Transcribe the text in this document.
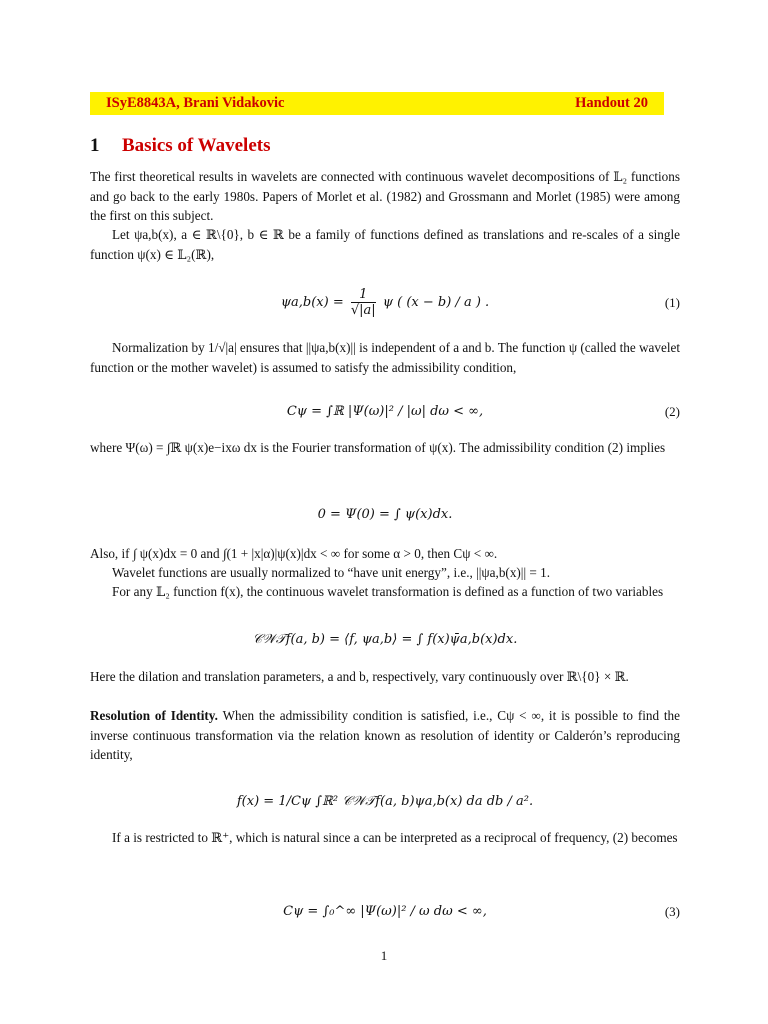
ISyE8843A, Brani Vidakovic	Handout 20
1 Basics of Wavelets
The first theoretical results in wavelets are connected with continuous wavelet decompositions of 𝕃₂ functions and go back to the early 1980s. Papers of Morlet et al. (1982) and Grossmann and Morlet (1985) were among the first on this subject.
Let ψa,b(x), a ∈ ℝ\{0}, b ∈ ℝ be a family of functions defined as translations and re-scales of a single function ψ(x) ∈ 𝕃₂(ℝ),
$\psi a,b(x) = \frac{1}{√|a|}$ ψ ( (x − b) / a ) .	(1)
Normalization by 1/√|a| ensures that ||ψa,b(x)|| is independent of a and b. The function ψ (called the wavelet function or the mother wavelet) is assumed to satisfy the admissibility condition,
Cψ = ∫ℝ |Ψ(ω)|² / |ω| dω < ∞,	(2)
where Ψ(ω) = ∫ℝ ψ(x)e−ixω dx is the Fourier transformation of ψ(x). The admissibility condition (2) implies
0 = Ψ(0) = ∫ ψ(x)dx.
Also, if ∫ ψ(x)dx = 0 and ∫(1 + |x|α)|ψ(x)|dx < ∞ for some α > 0, then Cψ < ∞.
Wavelet functions are usually normalized to “have unit energy”, i.e., ||ψa,b(x)|| = 1.
For any 𝕃₂ function f(x), the continuous wavelet transformation is defined as a function of two variables
𝒞𝒲𝒯f(a, b) = ⟨f, ψa,b⟩ = ∫ f(x)ψ̄a,b(x)dx.
Here the dilation and translation parameters, a and b, respectively, vary continuously over ℝ\{0} × ℝ.
Resolution of Identity. When the admissibility condition is satisfied, i.e., Cψ < ∞, it is possible to find the inverse continuous transformation via the relation known as resolution of identity or Calderón’s reproducing identity,
f(x) = 1/Cψ ∫ℝ² 𝒞𝒲𝒯f(a, b)ψa,b(x) da db / a².
If a is restricted to ℝ⁺, which is natural since a can be interpreted as a reciprocal of frequency, (2) becomes
Cψ = ∫₀^∞ |Ψ(ω)|² / ω dω < ∞,	(3)
1
